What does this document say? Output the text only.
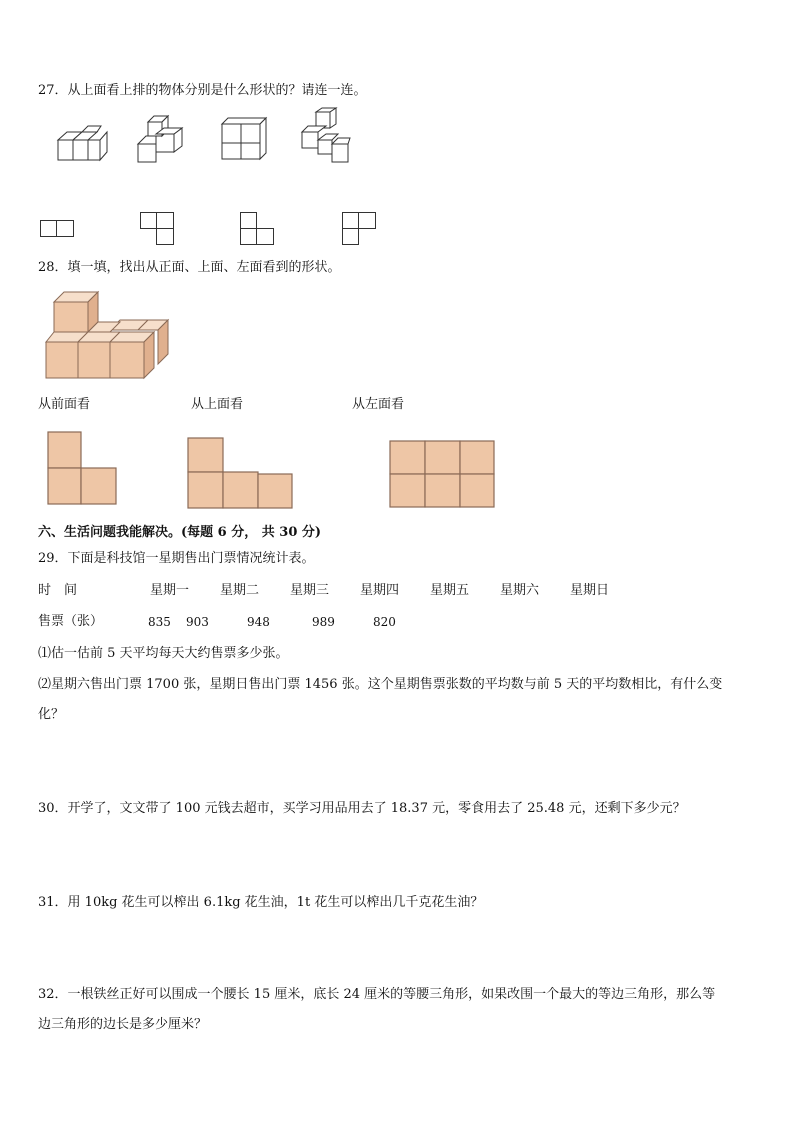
27．从上面看上排的物体分别是什么形状的？请连一连。
28．填一填，找出从正面、上面、左面看到的形状。
从前面看	从上面看	从左面看
六、生活问题我能解决。(每题 6 分， 共 30 分)
29．下面是科技馆一星期售出门票情况统计表。
时　间	星期一 星期二 星期三 星期四 星期五 星期六 星期日
售票（张）	835 903	948	989	820
⑴估一估前 5 天平均每天大约售票多少张。
⑵星期六售出门票 1700 张，星期日售出门票 1456 张。这个星期售票张数的平均数与前 5 天的平均数相比，有什么变
化？
30．开学了，文文带了 100 元钱去超市，买学习用品用去了 18.37 元，零食用去了 25.48 元，还剩下多少元？
31．用 10kg 花生可以榨出 6.1kg 花生油，1t 花生可以榨出几千克花生油？
32．一根铁丝正好可以围成一个腰长 15 厘米，底长 24 厘米的等腰三角形，如果改围一个最大的等边三角形，那么等
边三角形的边长是多少厘米？
